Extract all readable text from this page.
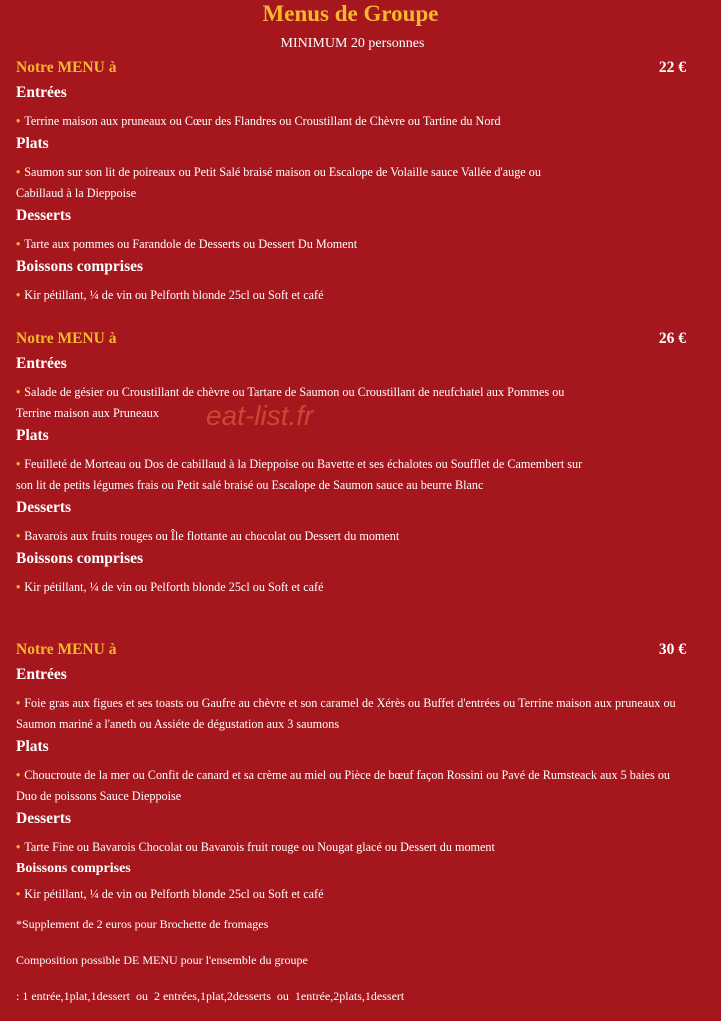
Menus de Groupe
MINIMUM 20 personnes
Notre MENU à	22 €
Entrées
• Terrine maison aux pruneaux ou Cœur des Flandres ou Croustillant de Chèvre ou Tartine du Nord
Plats
• Saumon sur son lit de poireaux ou Petit Salé braisé maison ou Escalope de Volaille sauce Vallée d'auge ou Cabillaud à la Dieppoise
Desserts
• Tarte aux pommes ou Farandole de Desserts ou Dessert Du Moment
Boissons comprises
• Kir pétillant, ¼ de vin ou Pelforth blonde 25cl ou Soft et café
Notre MENU à	26 €
Entrées
• Salade de gésier ou Croustillant de chèvre ou Tartare de Saumon ou Croustillant de neufchatel aux Pommes ou Terrine maison aux Pruneaux
Plats
• Feuilleté de Morteau ou Dos de cabillaud à la Dieppoise ou Bavette et ses échalotes ou Soufflet de Camembert sur son lit de petits légumes frais ou Petit salé braisé ou Escalope de Saumon sauce au beurre Blanc
Desserts
• Bavarois aux fruits rouges ou Île flottante au chocolat ou Dessert du moment
Boissons comprises
• Kir pétillant, ¼ de vin ou Pelforth blonde 25cl ou Soft et café
Notre MENU à	30 €
Entrées
• Foie gras aux figues et ses toasts ou Gaufre au chèvre et son caramel de Xérès ou Buffet d'entrées ou Terrine maison aux pruneaux ou Saumon mariné a l'aneth ou Assiéte de dégustation aux 3 saumons
Plats
• Choucroute de la mer ou Confit de canard et sa crème au miel ou Pièce de bœuf façon Rossini ou Pavé de Rumsteack aux 5 baies ou Duo de poissons Sauce Dieppoise
Desserts
• Tarte Fine ou Bavarois Chocolat ou Bavarois fruit rouge ou Nougat glacé ou Dessert du moment
Boissons comprises
• Kir pétillant, ¼ de vin ou Pelforth blonde 25cl ou Soft et café
*Supplement de 2 euros pour Brochette de fromages
Composition possible DE MENU pour l'ensemble du groupe
: 1 entrée,1plat,1dessert  ou  2 entrées,1plat,2desserts  ou  1entrée,2plats,1dessert
eat-list.fr
